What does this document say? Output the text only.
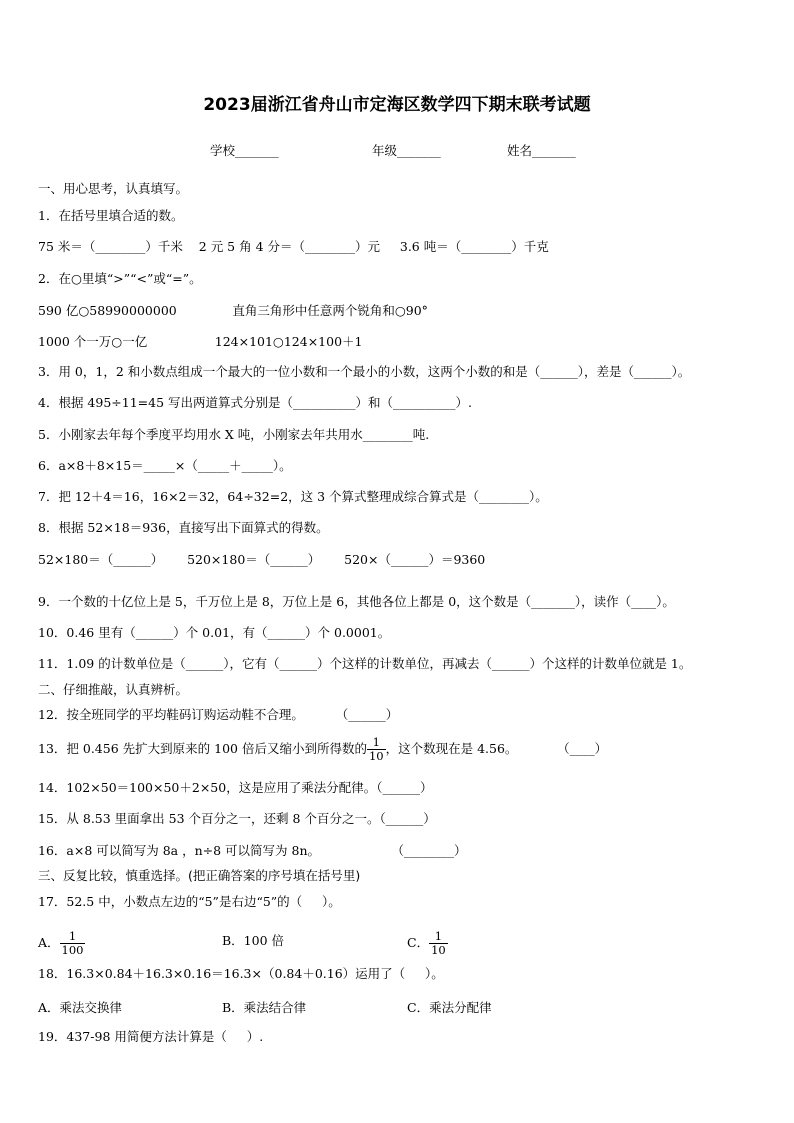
2023届浙江省舟山市定海区数学四下期末联考试题
学校_______	年级_______	姓名_______
一、用心思考，认真填写。
1．在括号里填合适的数。
75 米＝（________）千米    2 元 5 角 4 分＝（________）元     3.6 吨＝（________）千克
2．在○里填“>”“<”或“=”。
590 亿○58990000000              直角三角形中任意两个锐角和○90°
1000 个一万○一亿                 124×101○124×100＋1
3．用 0，1，2 和小数点组成一个最大的一位小数和一个最小的小数，这两个小数的和是（______），差是（______）。
4．根据 495÷11=45 写出两道算式分别是（__________）和（__________）.
5．小刚家去年每个季度平均用水 X 吨，小刚家去年共用水________吨.
6．a×8＋8×15＝_____×（_____＋_____）。
7．把 12＋4＝16，16×2＝32，64÷32=2，这 3 个算式整理成综合算式是（________）。
8．根据 52×18＝936，直接写出下面算式的得数。
52×180＝（______）      520×180＝（______）      520×（______）＝9360
9．一个数的十亿位上是 5，千万位上是 8，万位上是 6，其他各位上都是 0，这个数是（_______），读作（____）。
10．0.46 里有（______）个 0.01，有（______）个 0.0001。
11．1.09 的计数单位是（______），它有（______）个这样的计数单位，再减去（______）个这样的计数单位就是 1。
二、仔细推敲，认真辨析。
12．按全班同学的平均鞋码订购运动鞋不合理。        （______）
13．把 0.456 先扩大到原来的 100 倍后又缩小到所得数的 $\frac{1}{10}$ ，这个数现在是 4.56。          （____）
14．102×50＝100×50＋2×50，这是应用了乘法分配律。（______）
15．从 8.53 里面拿出 53 个百分之一，还剩 8 个百分之一。（______）
16．a×8 可以简写为 8a ，n÷8 可以简写为 8n。                  （________）
三、反复比较，慎重选择。(把正确答案的序号填在括号里)
17．52.5 中，小数点左边的“5”是右边“5”的（     ）。
A． $\frac{1}{100}$	B．100 倍	C． $\frac{1}{10}$
18．16.3×0.84＋16.3×0.16＝16.3×（0.84＋0.16）运用了（     ）。
A．乘法交换律	B．乘法结合律	C．乘法分配律
19．437-98 用简便方法计算是（     ）.
